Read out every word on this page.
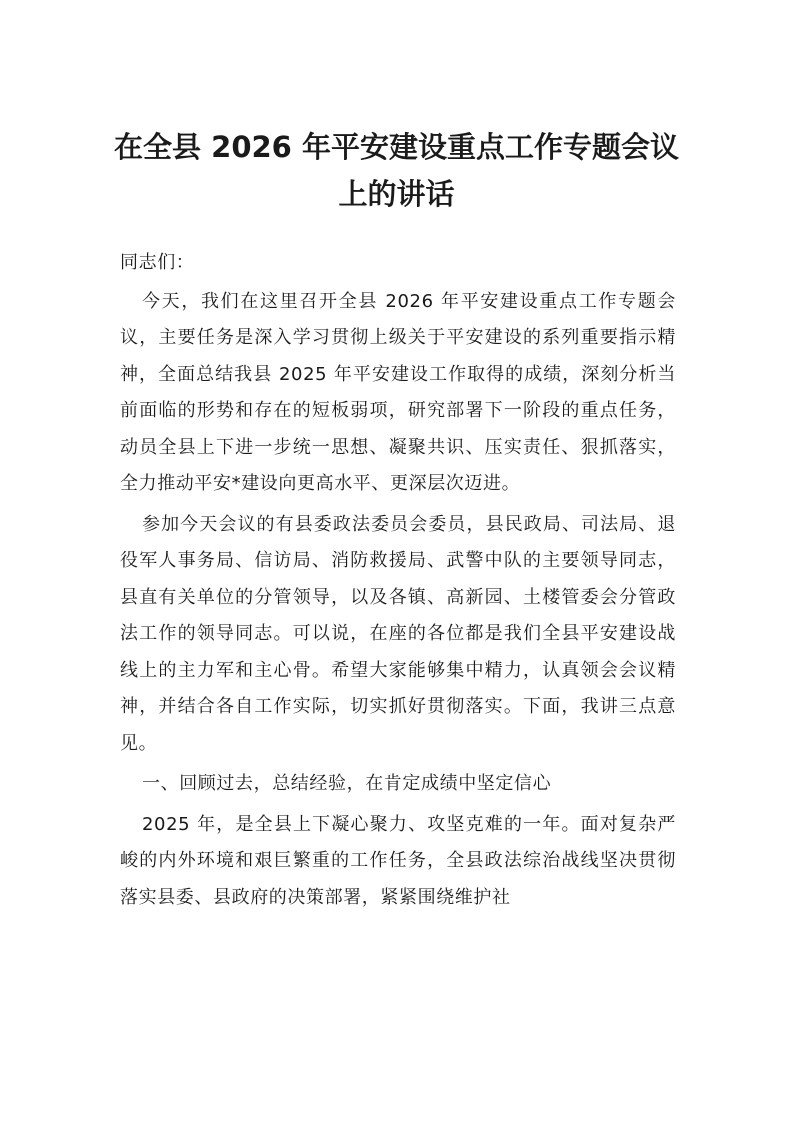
在全县 2026 年平安建设重点工作专题会议
上的讲话

同志们：

今天，我们在这里召开全县 2026 年平安建设重点工作专题会议，主要任务是深入学习贯彻上级关于平安建设的系列重要指示精神，全面总结我县 2025 年平安建设工作取得的成绩，深刻分析当前面临的形势和存在的短板弱项，研究部署下一阶段的重点任务，动员全县上下进一步统一思想、凝聚共识、压实责任、狠抓落实，全力推动平安*建设向更高水平、更深层次迈进。

参加今天会议的有县委政法委员会委员，县民政局、司法局、退役军人事务局、信访局、消防救援局、武警中队的主要领导同志，县直有关单位的分管领导，以及各镇、高新园、土楼管委会分管政法工作的领导同志。可以说，在座的各位都是我们全县平安建设战线上的主力军和主心骨。希望大家能够集中精力，认真领会会议精神，并结合各自工作实际，切实抓好贯彻落实。下面，我讲三点意见。

一、回顾过去，总结经验，在肯定成绩中坚定信心

2025 年，是全县上下凝心聚力、攻坚克难的一年。面对复杂严峻的内外环境和艰巨繁重的工作任务，全县政法综治战线坚决贯彻落实县委、县政府的决策部署，紧紧围绕维护社
